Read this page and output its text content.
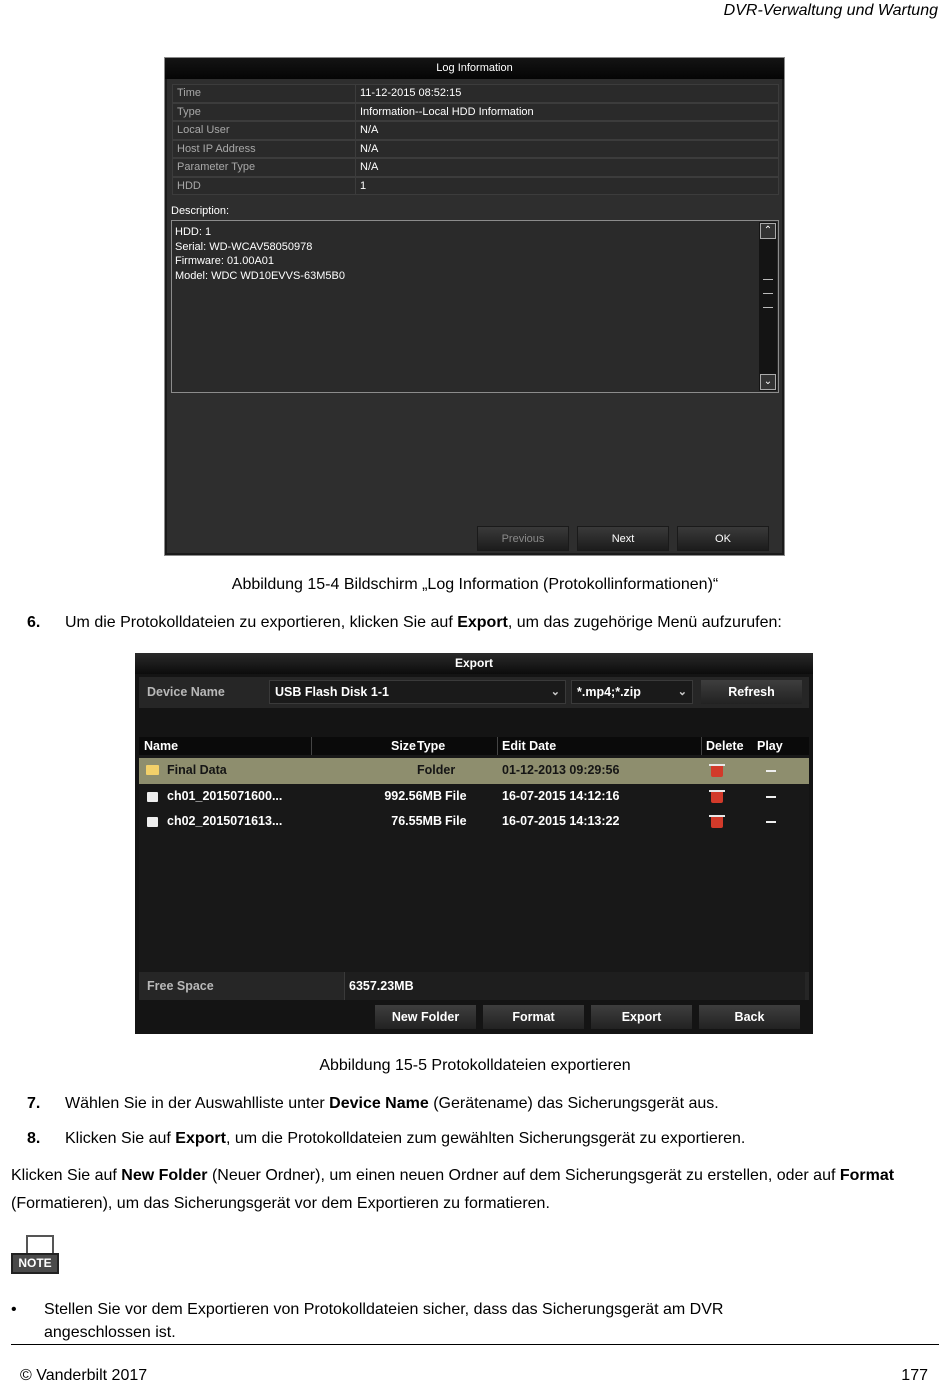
DVR-Verwaltung und Wartung
Log Information
Time	11-12-2015 08:52:15
Type	Information--Local HDD Information
Local User	N/A
Host IP Address	N/A
Parameter Type	N/A
HDD	1
Description:
HDD: 1
Serial: WD-WCAV58050978
Firmware: 01.00A01
Model: WDC WD10EVVS-63M5B0
⌃
⌄
Previous	Next	OK
Abbildung 15-4 Bildschirm „Log Information (Protokollinformationen)“
6. Um die Protokolldateien zu exportieren, klicken Sie auf Export, um das zugehörige Menü aufzurufen:
Export
Device Name	USB Flash Disk 1-1	⌄	*.mp4;*.zip	⌄	Refresh
Name	Size Type	Edit Date	Delete Play
Final Data	Folder	01-12-2013 09:29:56
ch01_2015071600...	992.56MB File	16-07-2015 14:12:16
ch02_2015071613...	76.55MB File	16-07-2015 14:13:22
Free Space	6357.23MB
New Folder	Format	Export	Back
Abbildung 15-5 Protokolldateien exportieren
7. Wählen Sie in der Auswahlliste unter Device Name (Gerätename) das Sicherungsgerät aus.
8. Klicken Sie auf Export, um die Protokolldateien zum gewählten Sicherungsgerät zu exportieren.
Klicken Sie auf New Folder (Neuer Ordner), um einen neuen Ordner auf dem Sicherungsgerät zu erstellen, oder auf Format (Formatieren), um das Sicherungsgerät vor dem Exportieren zu formatieren.
NOTE
• Stellen Sie vor dem Exportieren von Protokolldateien sicher, dass das Sicherungsgerät am DVR angeschlossen ist.
© Vanderbilt 2017	177
